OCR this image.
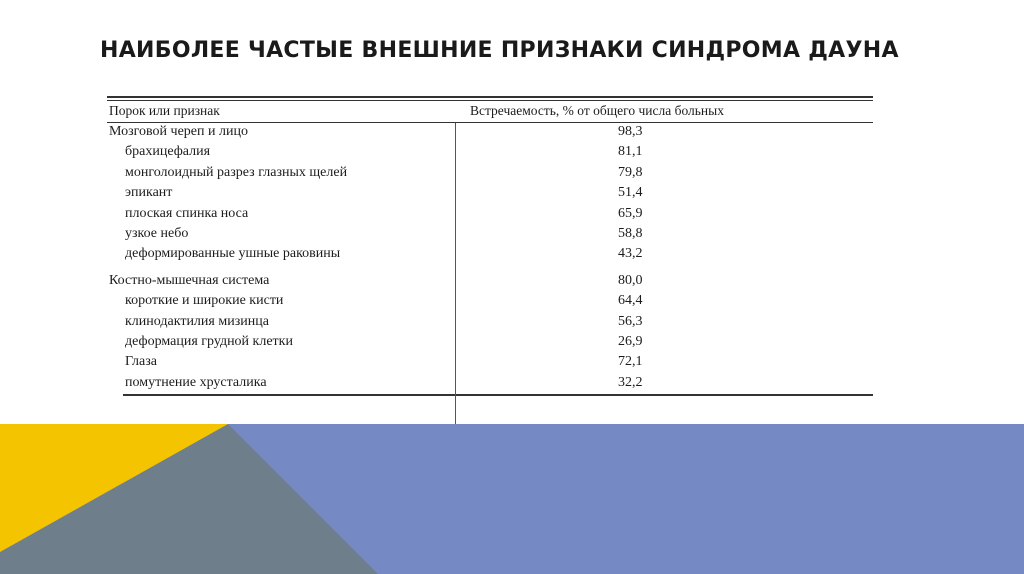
НАИБОЛЕЕ ЧАСТЫЕ ВНЕШНИЕ ПРИЗНАКИ СИНДРОМА ДАУНА
Порок или признак	Встречаемость, % от общего числа больных
Мозговой череп и лицо	98,3
брахицефалия	81,1
монголоидный разрез глазных щелей	79,8
эпикант	51,4
плоская спинка носа	65,9
узкое небо	58,8
деформированные ушные раковины	43,2
Костно-мышечная система	80,0
короткие и широкие кисти	64,4
клинодактилия мизинца	56,3
деформация грудной клетки	26,9
Глаза	72,1
помутнение хрусталика	32,2
